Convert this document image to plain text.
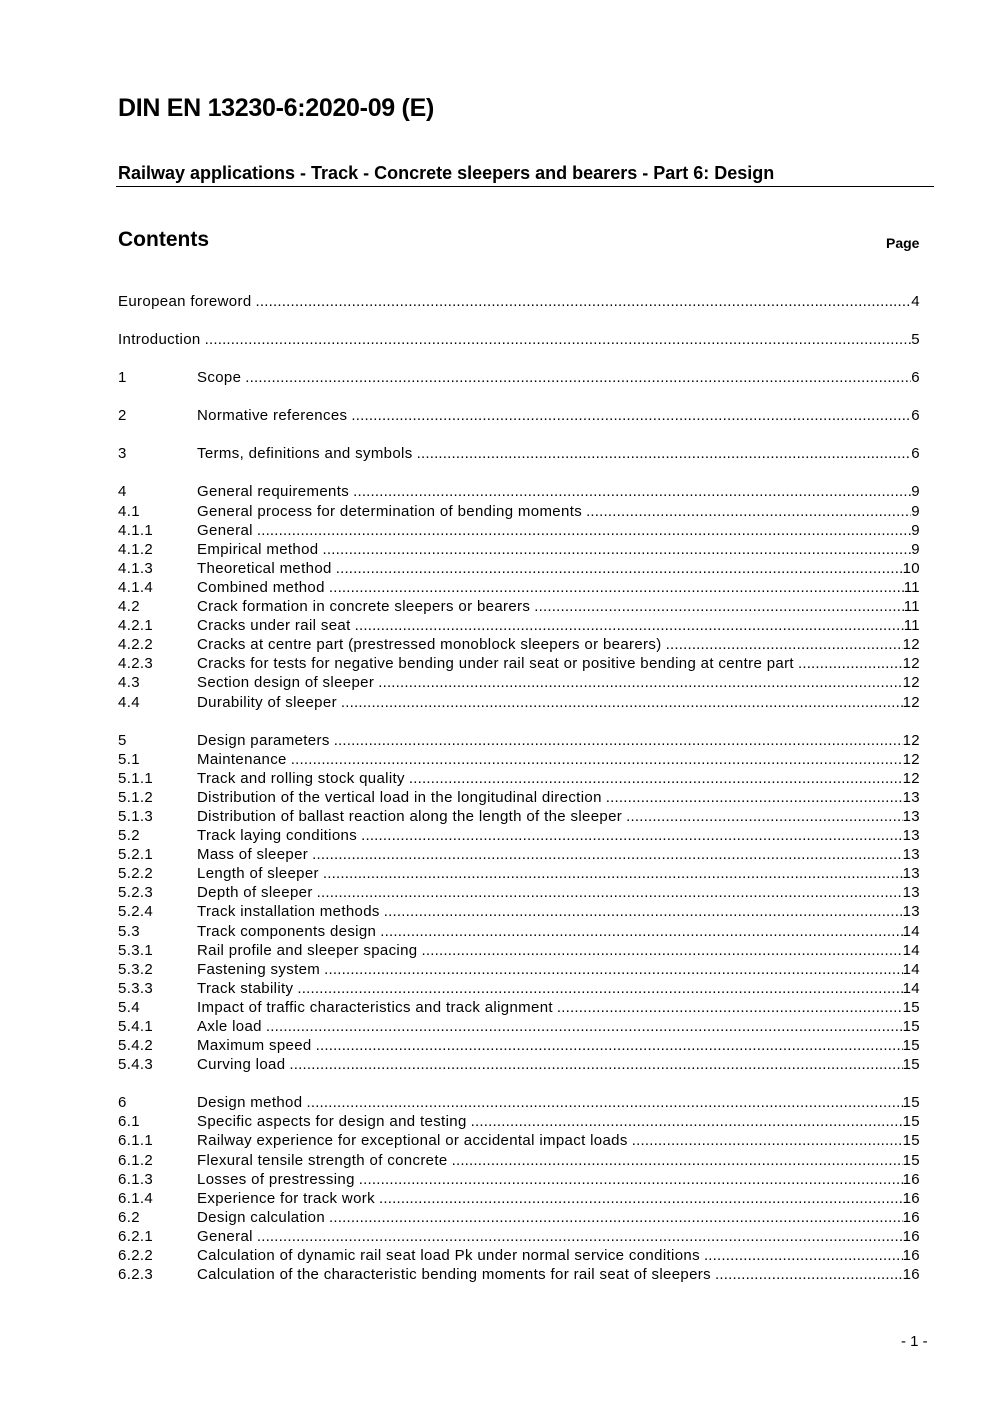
DIN EN 13230-6:2020-09 (E)
Railway applications - Track - Concrete sleepers and bearers - Part 6: Design
Contents	Page
European foreword .....	4
Introduction .....	5
1	Scope .....	6
2	Normative references .....	6
3	Terms, definitions and symbols .....	6
4	General requirements .....	9
4.1	General process for determination of bending moments .....	9
4.1.1	General .....	9
4.1.2	Empirical method .....	9
4.1.3	Theoretical method .....	10
4.1.4	Combined method .....	11
4.2	Crack formation in concrete sleepers or bearers .....	11
4.2.1	Cracks under rail seat .....	11
4.2.2	Cracks at centre part (prestressed monoblock sleepers or bearers) .....	12
4.2.3	Cracks for tests for negative bending under rail seat or positive bending at centre part .....	12
4.3	Section design of sleeper .....	12
4.4	Durability of sleeper .....	12
5	Design parameters .....	12
5.1	Maintenance .....	12
5.1.1	Track and rolling stock quality .....	12
5.1.2	Distribution of the vertical load in the longitudinal direction .....	13
5.1.3	Distribution of ballast reaction along the length of the sleeper .....	13
5.2	Track laying conditions .....	13
5.2.1	Mass of sleeper .....	13
5.2.2	Length of sleeper .....	13
5.2.3	Depth of sleeper .....	13
5.2.4	Track installation methods .....	13
5.3	Track components design .....	14
5.3.1	Rail profile and sleeper spacing .....	14
5.3.2	Fastening system .....	14
5.3.3	Track stability .....	14
5.4	Impact of traffic characteristics and track alignment .....	15
5.4.1	Axle load .....	15
5.4.2	Maximum speed .....	15
5.4.3	Curving load .....	15
6	Design method .....	15
6.1	Specific aspects for design and testing .....	15
6.1.1	Railway experience for exceptional or accidental impact loads .....	15
6.1.2	Flexural tensile strength of concrete .....	15
6.1.3	Losses of prestressing .....	16
6.1.4	Experience for track work .....	16
6.2	Design calculation .....	16
6.2.1	General .....	16
6.2.2	Calculation of dynamic rail seat load Pk under normal service conditions .....	16
6.2.3	Calculation of the characteristic bending moments for rail seat of sleepers .....	16
- 1 -
